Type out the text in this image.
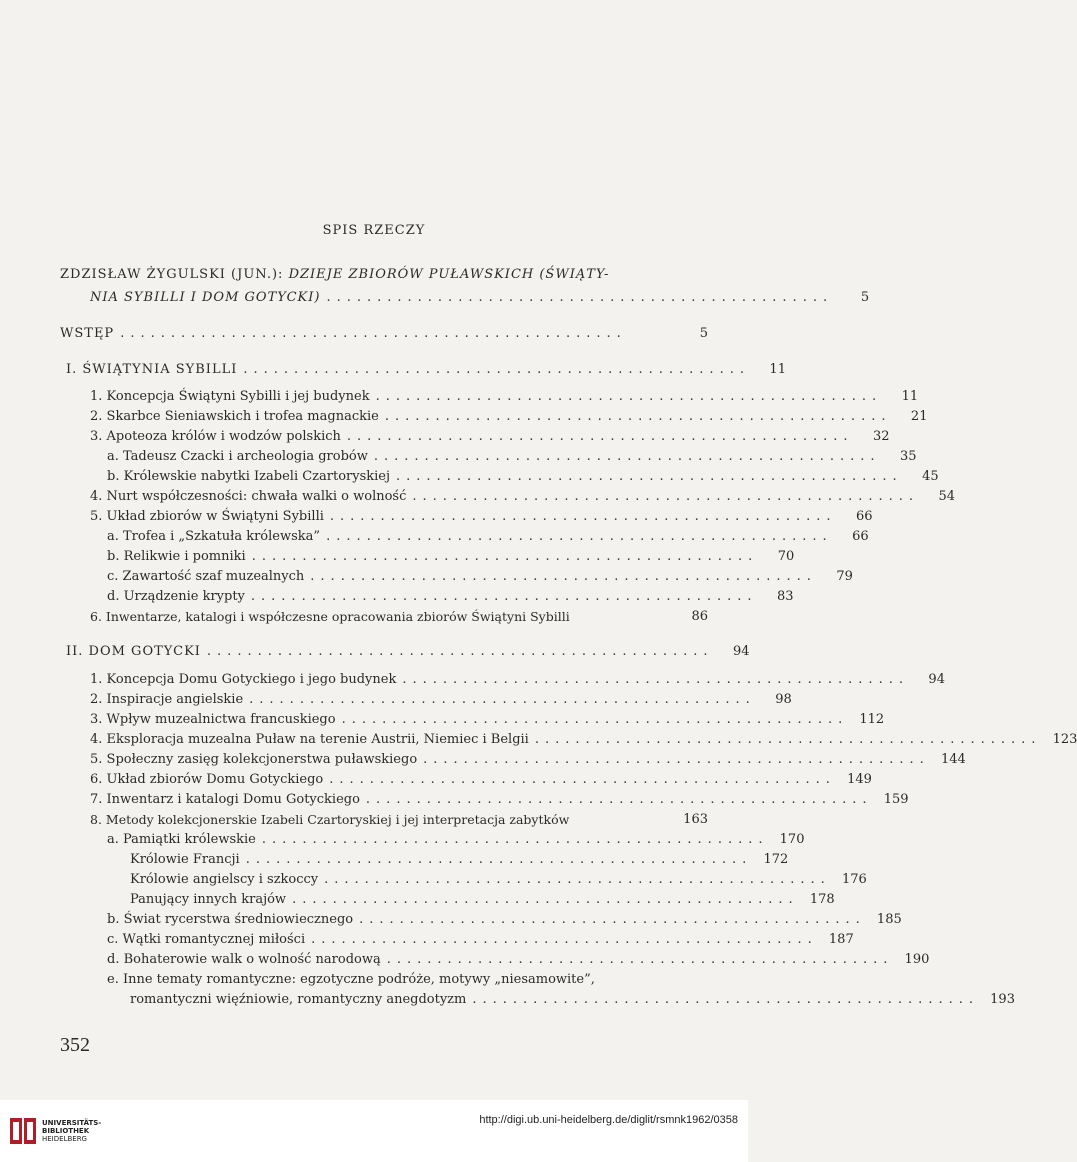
SPIS RZECZY
ZDZISŁAW ŻYGULSKI (JUN.): DZIEJE ZBIORÓW PUŁAWSKICH (ŚWIĄTY-
NIA SYBILLI I DOM GOTYCKI) ..................................................	5
WSTĘP ..................................................	5
I. ŚWIĄTYNIA SYBILLI ..................................................	11
1. Koncepcja Świątyni Sybilli i jej budynek ..................................................	11
2. Skarbce Sieniawskich i trofea magnackie ..................................................	21
3. Apoteoza królów i wodzów polskich ..................................................	32
a. Tadeusz Czacki i archeologia grobów ..................................................	35
b. Królewskie nabytki Izabeli Czartoryskiej ..................................................	45
4. Nurt współczesności: chwała walki o wolność ..................................................	54
5. Układ zbiorów w Świątyni Sybilli ..................................................	66
a. Trofea i „Szkatuła królewska” ..................................................	66
b. Relikwie i pomniki ..................................................	70
c. Zawartość szaf muzealnych ..................................................	79
d. Urządzenie krypty ..................................................	83
6. Inwentarze, katalogi i współczesne opracowania zbiorów Świątyni Sybilli	86
II. DOM GOTYCKI ..................................................	94
1. Koncepcja Domu Gotyckiego i jego budynek ..................................................	94
2. Inspiracje angielskie ..................................................	98
3. Wpływ muzealnictwa francuskiego .................................................. 112
4. Eksploracja muzealna Puław na terenie Austrii, Niemiec i Belgii .................................................. 123
5. Społeczny zasięg kolekcjonerstwa puławskiego .................................................. 144
6. Układ zbiorów Domu Gotyckiego .................................................. 149
7. Inwentarz i katalogi Domu Gotyckiego .................................................. 159
8. Metody kolekcjonerskie Izabeli Czartoryskiej i jej interpretacja zabytków	163
a. Pamiątki królewskie .................................................. 170
Królowie Francji .................................................. 172
Królowie angielscy i szkoccy .................................................. 176
Panujący innych krajów .................................................. 178
b. Świat rycerstwa średniowiecznego .................................................. 185
c. Wątki romantycznej miłości .................................................. 187
d. Bohaterowie walk o wolność narodową .................................................. 190
e. Inne tematy romantyczne: egzotyczne podróże, motywy „niesamowite”,
romantyczni więźniowie, romantyczny anegdotyzm .................................................. 193
352
UNIVERSITÄTS-
BIBLIOTHEK
HEIDELBERG
http://digi.ub.uni-heidelberg.de/diglit/rsmnk1962/0358
